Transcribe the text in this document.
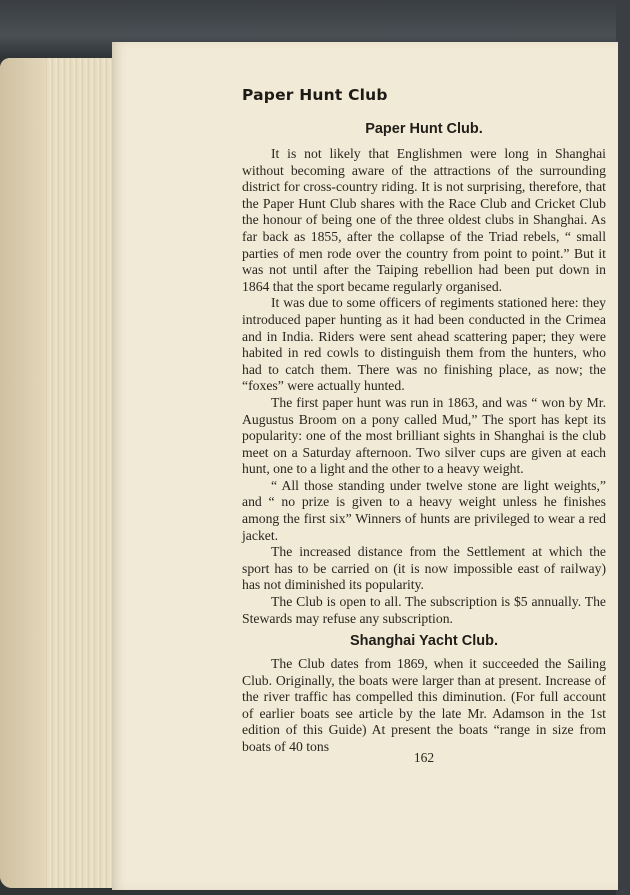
Paper Hunt Club
Paper Hunt Club.

It is not likely that Englishmen were long in Shanghai without becoming aware of the attractions of the surrounding district for cross-country riding. It is not surprising, therefore, that the Paper Hunt Club shares with the Race Club and Cricket Club the honour of being one of the three oldest clubs in Shanghai. As far back as 1855, after the collapse of the Triad rebels, “ small parties of men rode over the country from point to point.” But it was not until after the Taiping rebellion had been put down in 1864 that the sport became regularly organised.

It was due to some officers of regiments stationed here: they introduced paper hunting as it had been conducted in the Crimea and in India. Riders were sent ahead scattering paper; they were habited in red cowls to distinguish them from the hunters, who had to catch them. There was no finishing place, as now; the “foxes” were actually hunted.

The first paper hunt was run in 1863, and was “ won by Mr. Augustus Broom on a pony called Mud,” The sport has kept its popularity: one of the most brilliant sights in Shanghai is the club meet on a Saturday afternoon. Two silver cups are given at each hunt, one to a light and the other to a heavy weight.

“ All those standing under twelve stone are light weights,” and “ no prize is given to a heavy weight unless he finishes among the first six” Winners of hunts are privileged to wear a red jacket.

The increased distance from the Settlement at which the sport has to be carried on (it is now impossible east of railway) has not diminished its popularity.

The Club is open to all. The subscription is $5 annually. The Stewards may refuse any subscription.

Shanghai Yacht Club.

The Club dates from 1869, when it succeeded the Sailing Club. Originally, the boats were larger than at present. Increase of the river traffic has compelled this diminution. (For full account of earlier boats see article by the late Mr. Adamson in the 1st edition of this Guide) At present the boats “range in size from boats of 40 tons

162
